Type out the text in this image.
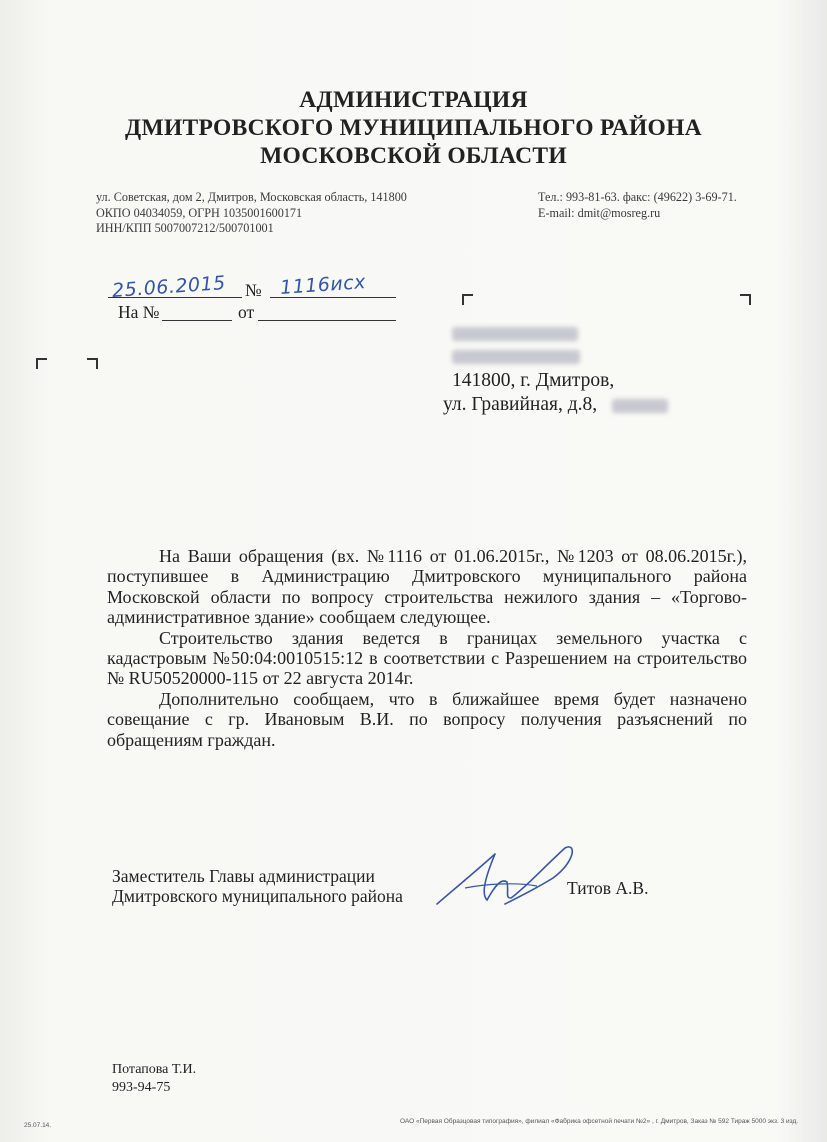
АДМИНИСТРАЦИЯ
ДМИТРОВСКОГО МУНИЦИПАЛЬНОГО РАЙОНА
МОСКОВСКОЙ ОБЛАСТИ
ул. Советская, дом 2, Дмитров, Московская область, 141800
ОКПО 04034059, ОГРН 1035001600171
ИНН/КПП 5007007212/500701001
Тел.: 993-81-63. факс: (49622) 3-69-71.
E-mail: dmit@mosreg.ru
25.06.2015 № 1116исх
На №	от
141800, г. Дмитров,
ул. Гравийная, д.8,

На Ваши обращения (вх. №1116 от 01.06.2015г., №1203 от 08.06.2015г.), поступившее в Администрацию Дмитровского муниципального района Московской области по вопросу строительства нежилого здания – «Торгово-административное здание» сообщаем следующее.

Строительство здания ведется в границах земельного участка с кадастровым №50:04:0010515:12 в соответствии с Разрешением на строительство № RU50520000-115 от 22 августа 2014г.

Дополнительно сообщаем, что в ближайшее время будет назначено совещание с гр. Ивановым В.И. по вопросу получения разъяснений по обращениям граждан.

Заместитель Главы администрации
Дмитровского муниципального района	Титов А.В.
Потапова Т.И.
993-94-75
25.07.14.
ОАО «Первая Образцовая типография», филиал «Фабрика офсетной печати №2» , г. Дмитров, Заказ № 592 Тираж 5000 экз. 3 изд.
